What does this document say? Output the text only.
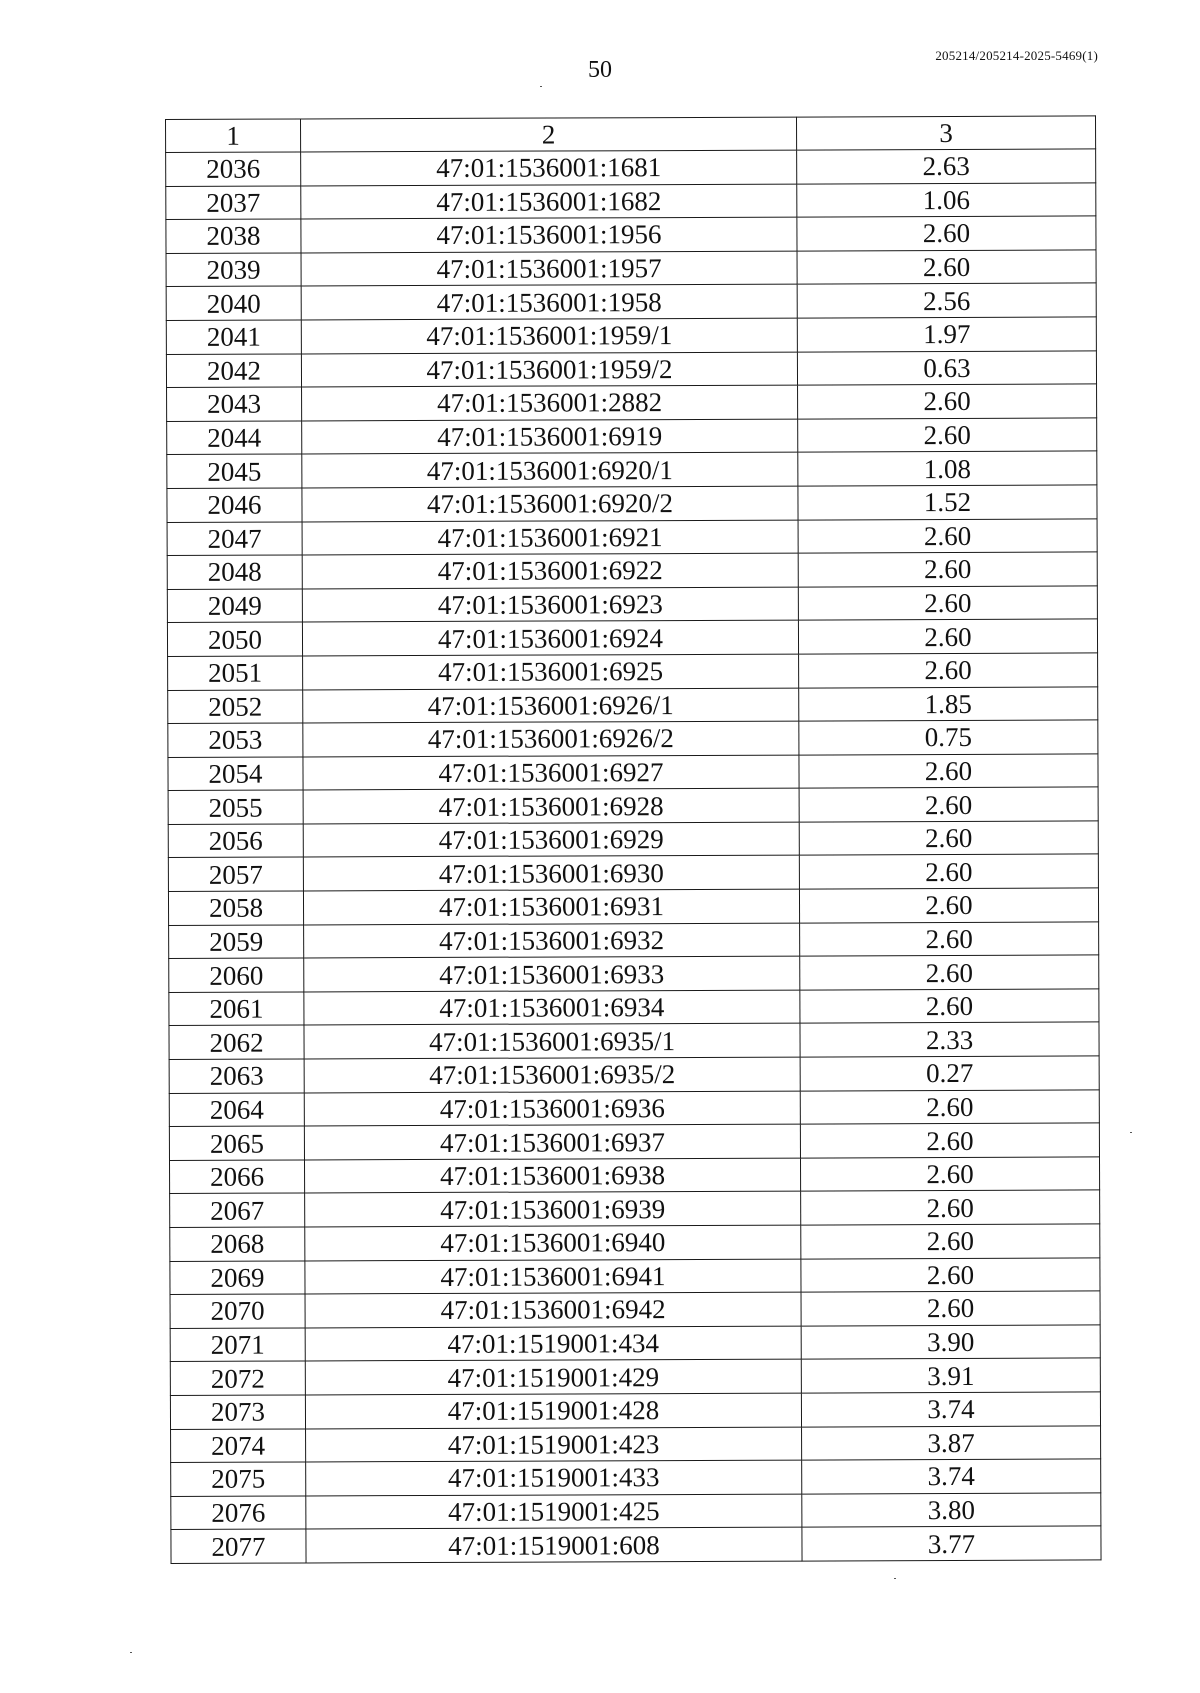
50
205214/205214-2025-5469(1)
1	2	3
2036	47:01:1536001:1681	2.63
2037	47:01:1536001:1682	1.06
2038	47:01:1536001:1956	2.60
2039	47:01:1536001:1957	2.60
2040	47:01:1536001:1958	2.56
2041	47:01:1536001:1959/1	1.97
2042	47:01:1536001:1959/2	0.63
2043	47:01:1536001:2882	2.60
2044	47:01:1536001:6919	2.60
2045	47:01:1536001:6920/1	1.08
2046	47:01:1536001:6920/2	1.52
2047	47:01:1536001:6921	2.60
2048	47:01:1536001:6922	2.60
2049	47:01:1536001:6923	2.60
2050	47:01:1536001:6924	2.60
2051	47:01:1536001:6925	2.60
2052	47:01:1536001:6926/1	1.85
2053	47:01:1536001:6926/2	0.75
2054	47:01:1536001:6927	2.60
2055	47:01:1536001:6928	2.60
2056	47:01:1536001:6929	2.60
2057	47:01:1536001:6930	2.60
2058	47:01:1536001:6931	2.60
2059	47:01:1536001:6932	2.60
2060	47:01:1536001:6933	2.60
2061	47:01:1536001:6934	2.60
2062	47:01:1536001:6935/1	2.33
2063	47:01:1536001:6935/2	0.27
2064	47:01:1536001:6936	2.60
2065	47:01:1536001:6937	2.60
2066	47:01:1536001:6938	2.60
2067	47:01:1536001:6939	2.60
2068	47:01:1536001:6940	2.60
2069	47:01:1536001:6941	2.60
2070	47:01:1536001:6942	2.60
2071	47:01:1519001:434	3.90
2072	47:01:1519001:429	3.91
2073	47:01:1519001:428	3.74
2074	47:01:1519001:423	3.87
2075	47:01:1519001:433	3.74
2076	47:01:1519001:425	3.80
2077	47:01:1519001:608	3.77
